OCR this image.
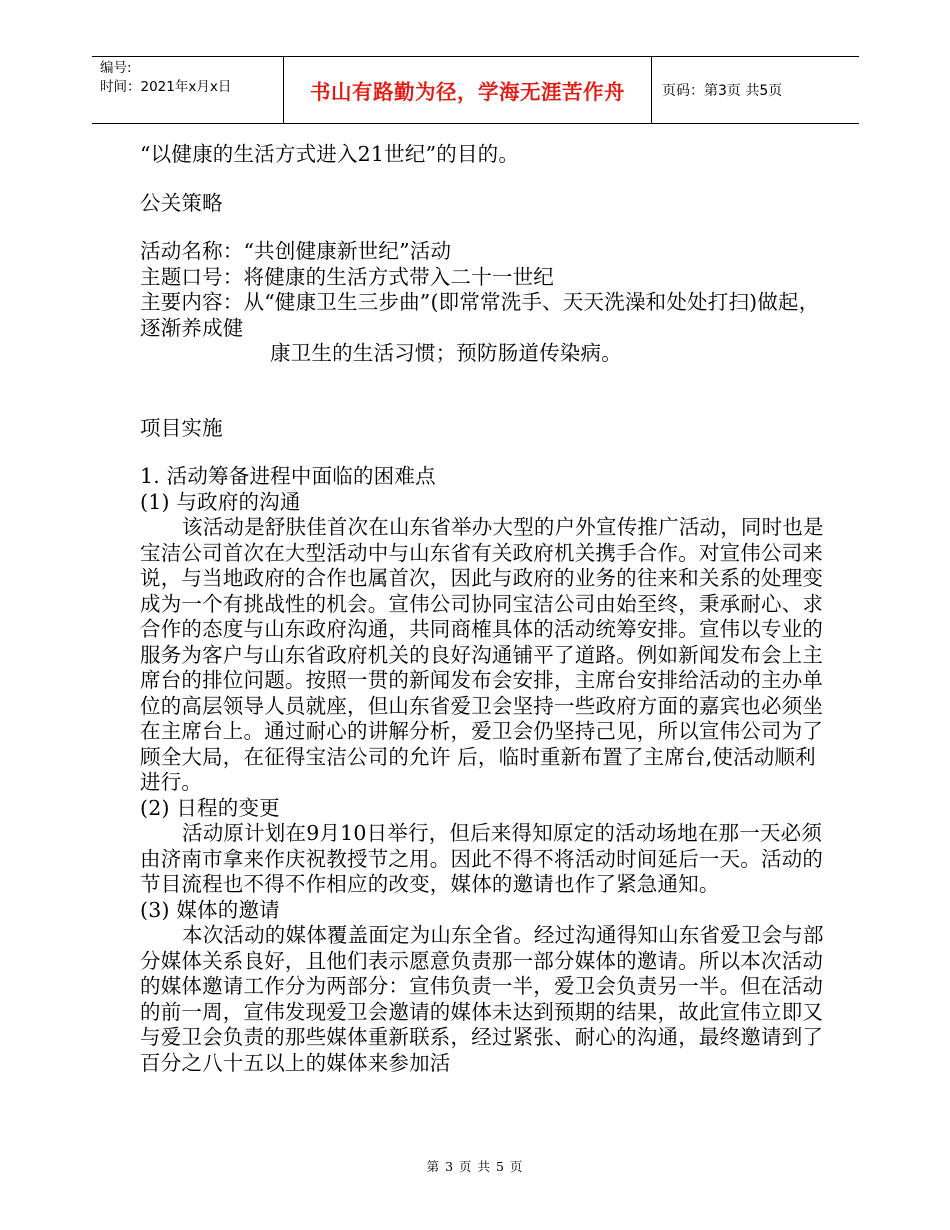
编号:
时间：2021年x月x日	书山有路勤为径，学海无涯苦作舟	页码：第3页 共5页

“以健康的生活方式进入21世纪”的目的。

公关策略

活动名称：“共创健康新世纪”活动

主题口号：将健康的生活方式带入二十一世纪

主要内容：从“健康卫生三步曲”(即常常洗手、天天洗澡和处处打扫)做起，逐渐养成健

康卫生的生活习惯；预防肠道传染病。

项目实施

1. 活动筹备进程中面临的困难点

(1) 与政府的沟通

该活动是舒肤佳首次在山东省举办大型的户外宣传推广活动，同时也是宝洁公司首次在大型活动中与山东省有关政府机关携手合作。对宣伟公司来说，与当地政府的合作也属首次，因此与政府的业务的往来和关系的处理变成为一个有挑战性的机会。宣伟公司协同宝洁公司由始至终，秉承耐心、求合作的态度与山东政府沟通，共同商榷具体的活动统筹安排。宣伟以专业的服务为客户与山东省政府机关的良好沟通铺平了道路。例如新闻发布会上主席台的排位问题。按照一贯的新闻发布会安排，主席台安排给活动的主办单位的高层领导人员就座，但山东省爱卫会坚持一些政府方面的嘉宾也必须坐在主席台上。通过耐心的讲解分析，爱卫会仍坚持己见，所以宣伟公司为了顾全大局，在征得宝洁公司的允许 后，临时重新布置了主席台,使活动顺利进行。

(2) 日程的变更

活动原计划在9月10日举行，但后来得知原定的活动场地在那一天必须由济南市拿来作庆祝教授节之用。因此不得不将活动时间延后一天。活动的节目流程也不得不作相应的改变，媒体的邀请也作了紧急通知。

(3) 媒体的邀请

本次活动的媒体覆盖面定为山东全省。经过沟通得知山东省爱卫会与部分媒体关系良好，且他们表示愿意负责那一部分媒体的邀请。所以本次活动的媒体邀请工作分为两部分：宣伟负责一半，爱卫会负责另一半。但在活动的前一周，宣伟发现爱卫会邀请的媒体未达到预期的结果，故此宣伟立即又与爱卫会负责的那些媒体重新联系，经过紧张、耐心的沟通，最终邀请到了百分之八十五以上的媒体来参加活

第 3 页 共 5 页
